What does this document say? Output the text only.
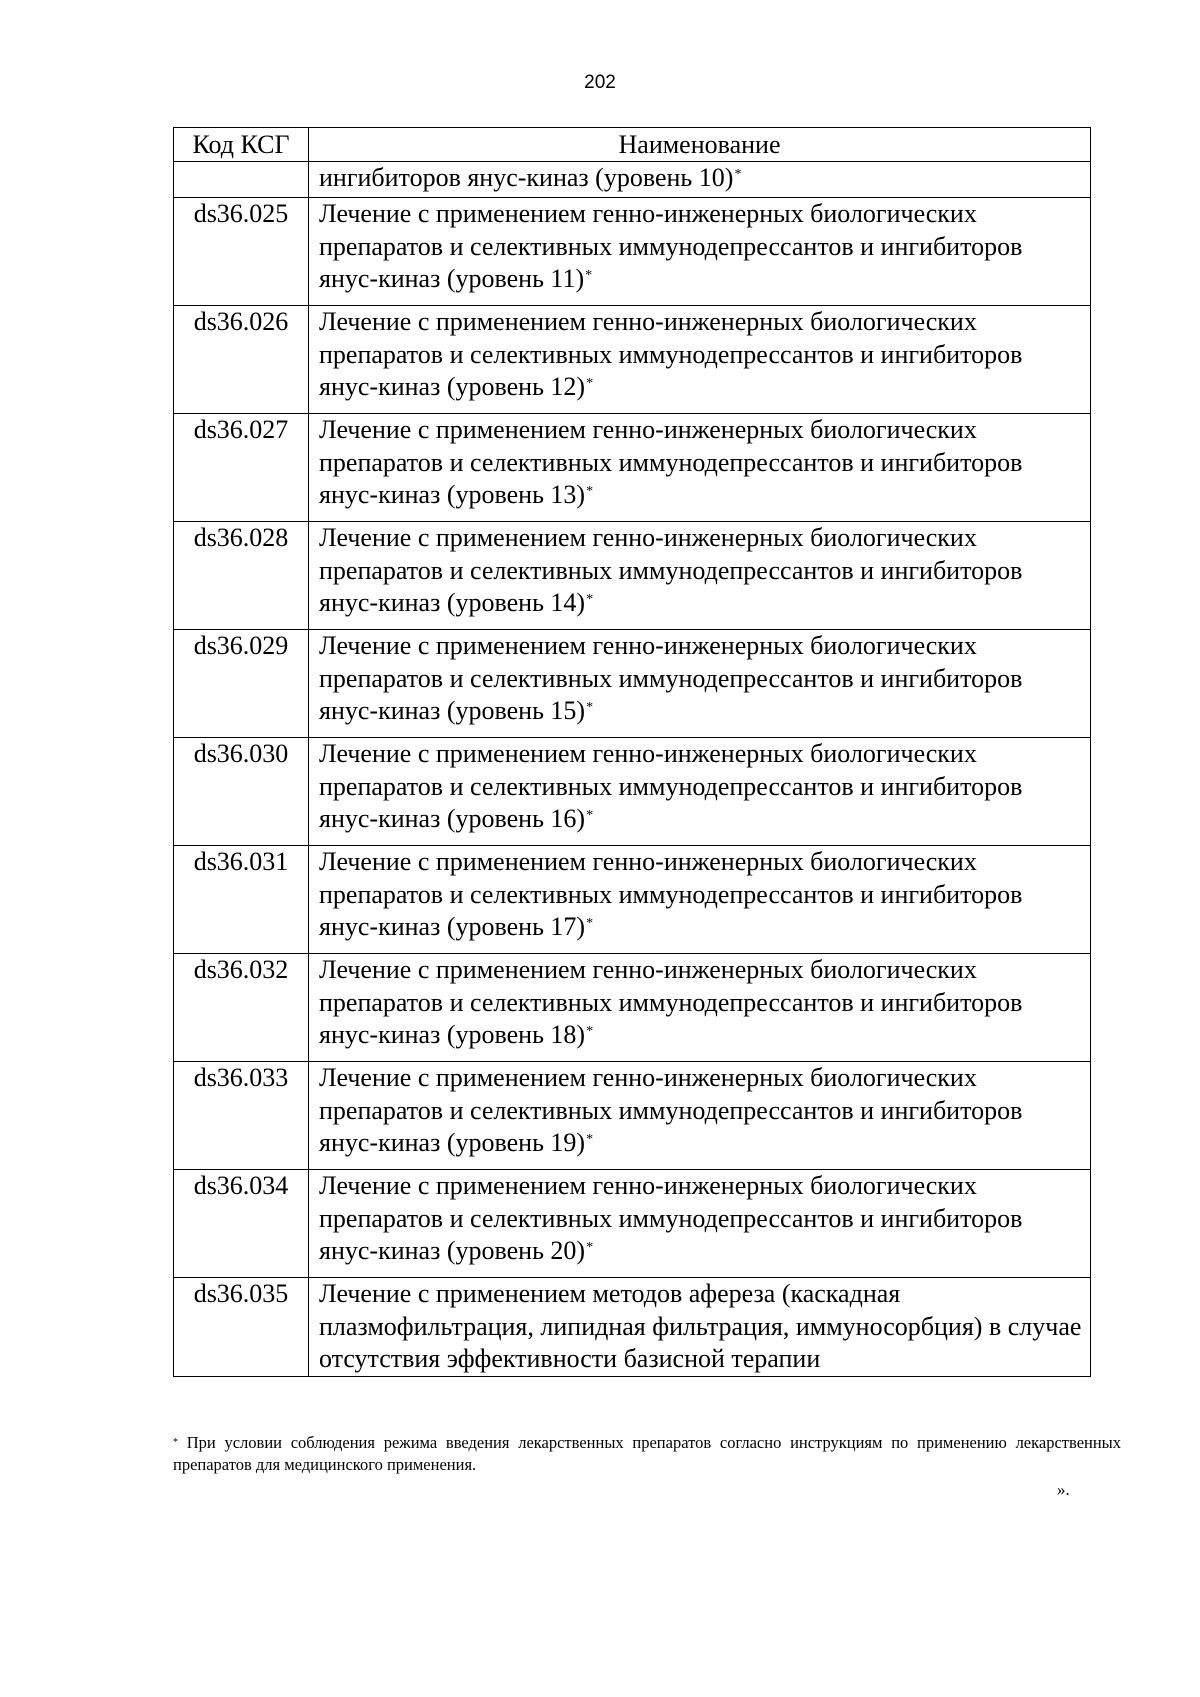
202
Код КСГ	Наименование
	ингибиторов янус-киназ (уровень 10)*
ds36.025	Лечение с применением генно-инженерных биологических препаратов и селективных иммунодепрессантов и ингибиторов янус-киназ (уровень 11)*
ds36.026	Лечение с применением генно-инженерных биологических препаратов и селективных иммунодепрессантов и ингибиторов янус-киназ (уровень 12)*
ds36.027	Лечение с применением генно-инженерных биологических препаратов и селективных иммунодепрессантов и ингибиторов янус-киназ (уровень 13)*
ds36.028	Лечение с применением генно-инженерных биологических препаратов и селективных иммунодепрессантов и ингибиторов янус-киназ (уровень 14)*
ds36.029	Лечение с применением генно-инженерных биологических препаратов и селективных иммунодепрессантов и ингибиторов янус-киназ (уровень 15)*
ds36.030	Лечение с применением генно-инженерных биологических препаратов и селективных иммунодепрессантов и ингибиторов янус-киназ (уровень 16)*
ds36.031	Лечение с применением генно-инженерных биологических препаратов и селективных иммунодепрессантов и ингибиторов янус-киназ (уровень 17)*
ds36.032	Лечение с применением генно-инженерных биологических препаратов и селективных иммунодепрессантов и ингибиторов янус-киназ (уровень 18)*
ds36.033	Лечение с применением генно-инженерных биологических препаратов и селективных иммунодепрессантов и ингибиторов янус-киназ (уровень 19)*
ds36.034	Лечение с применением генно-инженерных биологических препаратов и селективных иммунодепрессантов и ингибиторов янус-киназ (уровень 20)*
ds36.035	Лечение с применением методов афереза (каскадная плазмофильтрация, липидная фильтрация, иммуносорбция) в случае отсутствия эффективности базисной терапии
* При условии соблюдения режима введения лекарственных препаратов согласно инструкциям по применению лекарственных препаратов для медицинского применения.
».
